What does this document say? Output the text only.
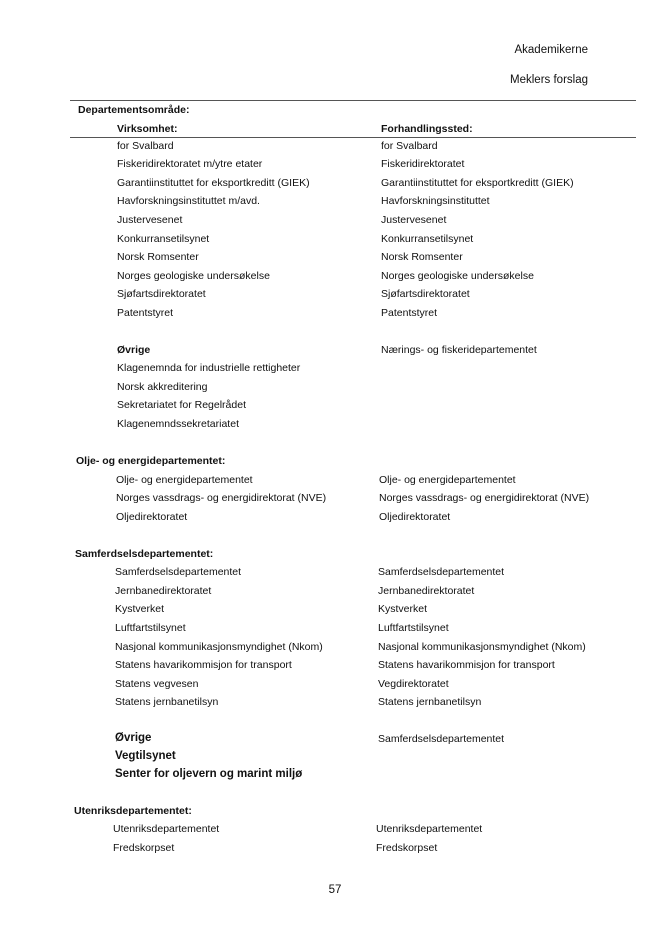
Akademikerne
Meklers forslag
Departementsområde:
Virksomhet:	Forhandlingssted:
for Svalbard	for Svalbard
Fiskeridirektoratet m/ytre etater	Fiskeridirektoratet
Garantiinstituttet for eksportkreditt (GIEK)	Garantiinstituttet for eksportkreditt (GIEK)
Havforskningsinstituttet m/avd.	Havforskningsinstituttet
Justervesenet	Justervesenet
Konkurransetilsynet	Konkurransetilsynet
Norsk Romsenter	Norsk Romsenter
Norges geologiske undersøkelse	Norges geologiske undersøkelse
Sjøfartsdirektoratet	Sjøfartsdirektoratet
Patentstyret	Patentstyret
Øvrige	Nærings- og fiskeridepartementet
Klagenemnda for industrielle rettigheter
Norsk akkreditering
Sekretariatet for Regelrådet
Klagenemndssekretariatet
Olje- og energidepartementet:
Olje- og energidepartementet	Olje- og energidepartementet
Norges vassdrags- og energidirektorat (NVE)	Norges vassdrags- og energidirektorat (NVE)
Oljedirektoratet	Oljedirektoratet
Samferdselsdepartementet:
Samferdselsdepartementet	Samferdselsdepartementet
Jernbanedirektoratet	Jernbanedirektoratet
Kystverket	Kystverket
Luftfartstilsynet	Luftfartstilsynet
Nasjonal kommunikasjonsmyndighet (Nkom)	Nasjonal kommunikasjonsmyndighet (Nkom)
Statens havarikommisjon for transport	Statens havarikommisjon for transport
Statens vegvesen	Vegdirektoratet
Statens jernbanetilsyn	Statens jernbanetilsyn
Øvrige	Samferdselsdepartementet
Vegtilsynet
Senter for oljevern og marint miljø
Utenriksdepartementet:
Utenriksdepartementet	Utenriksdepartementet
Fredskorpset	Fredskorpset
57
